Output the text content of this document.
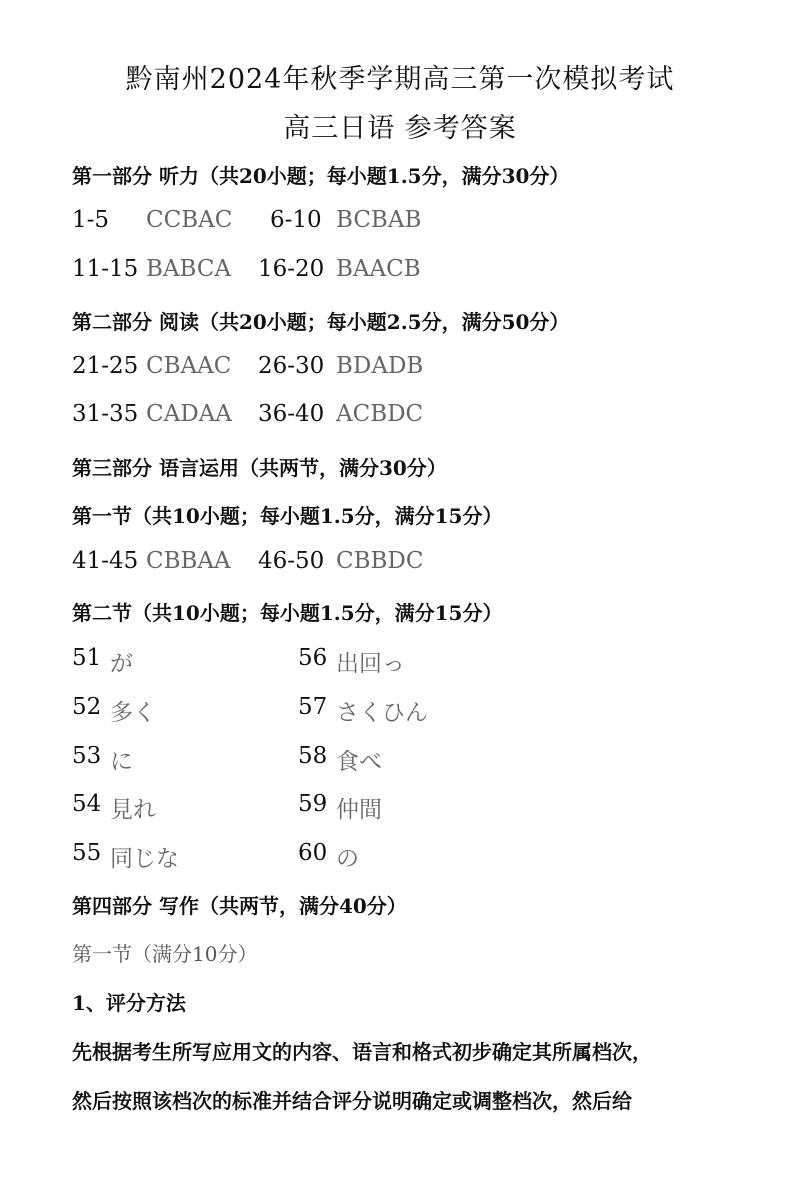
黔南州2024年秋季学期高三第一次模拟考试
高三日语 参考答案
第一部分 听力（共20小题；每小题1.5分，满分30分）
1-5 CCBAC 6-10 BCBAB
11-15 BABCA 16-20 BAACB
第二部分 阅读（共20小题；每小题2.5分，满分50分）
21-25 CBAAC 26-30 BDADB
31-35 CADAA 36-40 ACBDC
第三部分 语言运用（共两节，满分30分）
第一节（共10小题；每小题1.5分，满分15分）
41-45 CBBAA 46-50 CBBDC
第二节（共10小题；每小题1.5分，满分15分）
51 が	56 出回っ
52 多く	57 さくひん
53 に	58 食べ
54 見れ	59 仲間
55 同じな	60 の
第四部分 写作（共两节，满分40分）
第一节（满分10分）
1、评分方法
先根据考生所写应用文的内容、语言和格式初步确定其所属档次，
然后按照该档次的标准并结合评分说明确定或调整档次，然后给
